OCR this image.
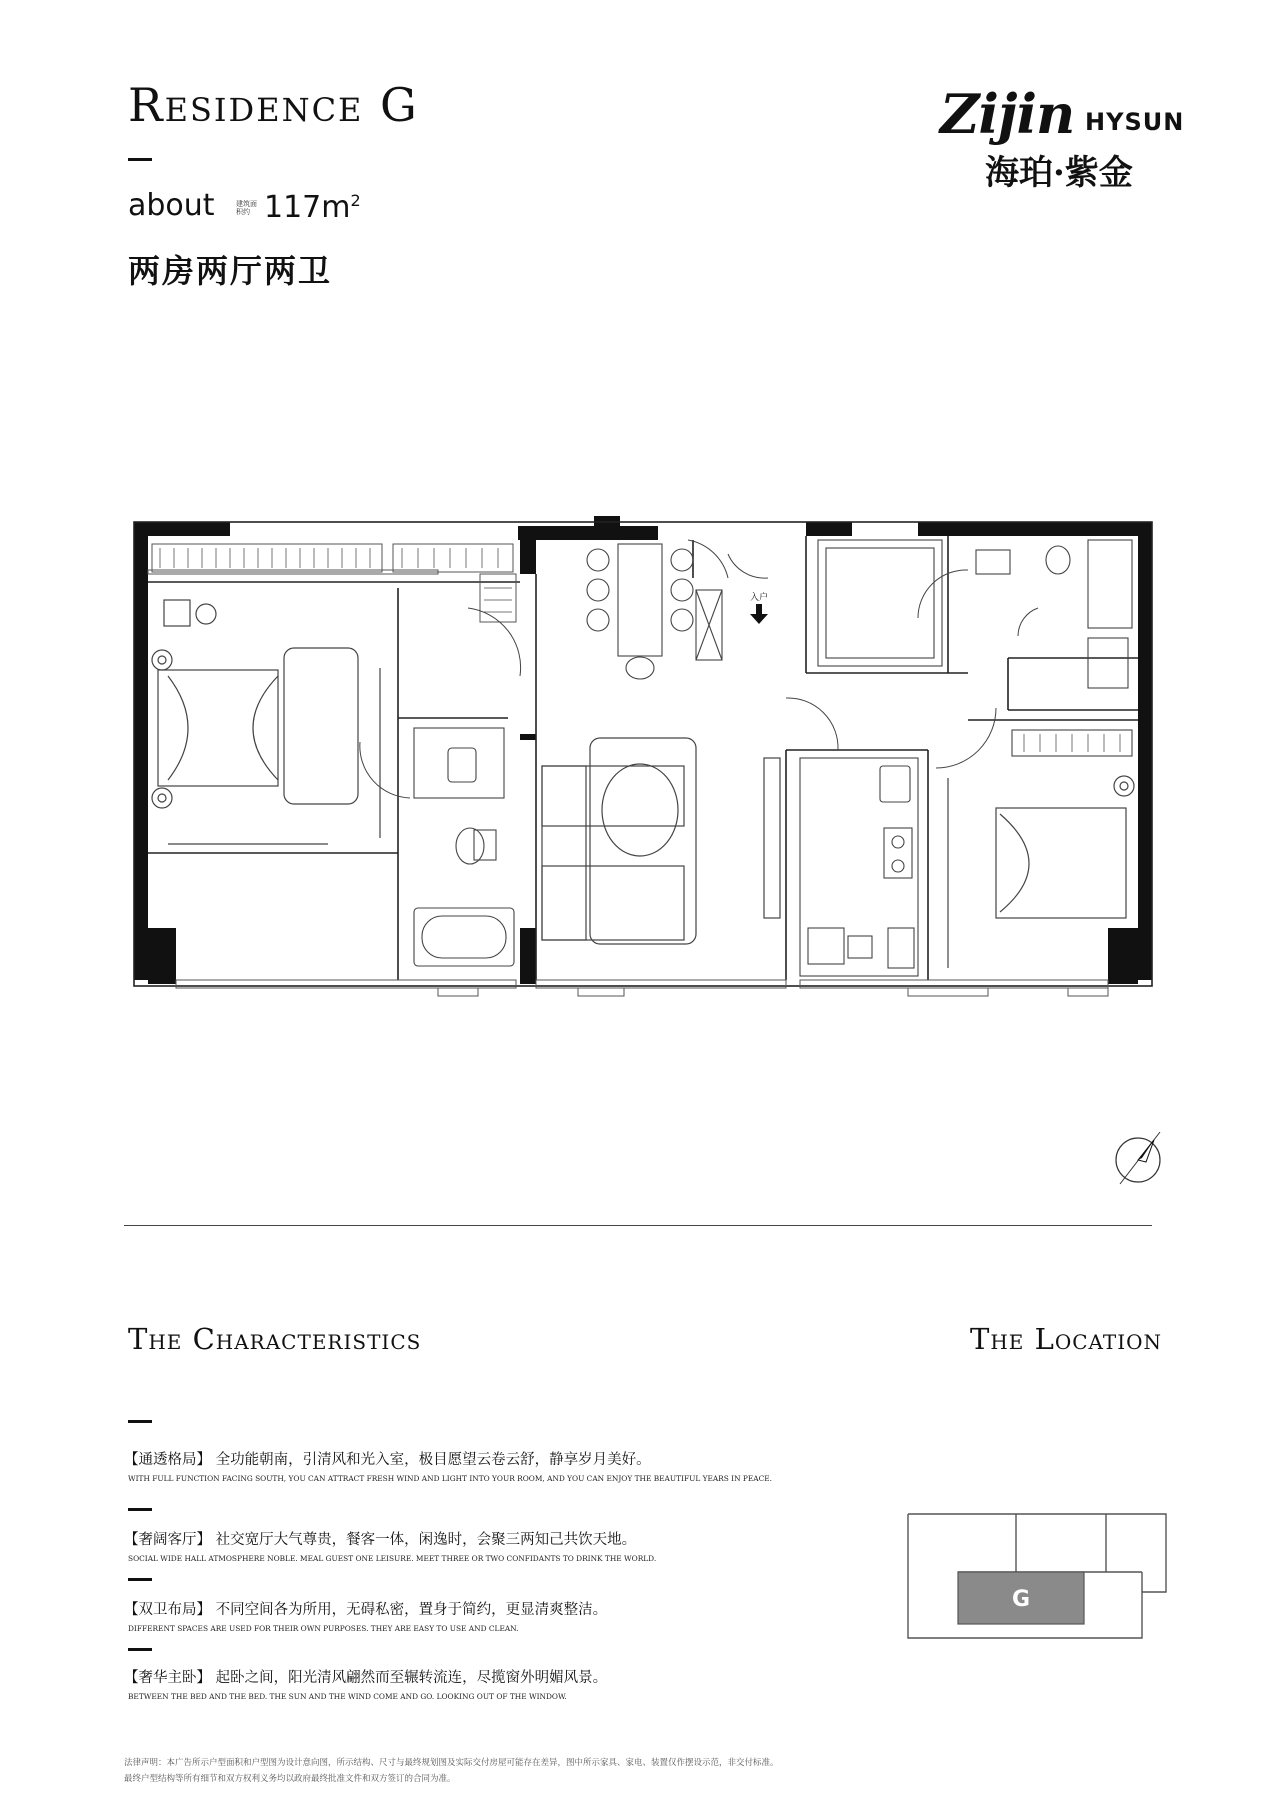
Residence G
about	建筑面积约 $117m^2$
两房两厅两卫
Zijin HYSUN
海珀·紫金
入户
The Characteristics	The Location
【通透格局】 全功能朝南，引清风和光入室，极目愿望云卷云舒，静享岁月美好。
WITH FULL FUNCTION FACING SOUTH, YOU CAN ATTRACT FRESH WIND AND LIGHT INTO YOUR ROOM, AND YOU CAN ENJOY THE BEAUTIFUL YEARS IN PEACE.
【奢阔客厅】 社交宽厅大气尊贵，餐客一体，闲逸时，会聚三两知己共饮天地。
SOCIAL WIDE HALL ATMOSPHERE NOBLE. MEAL GUEST ONE LEISURE. MEET THREE OR TWO CONFIDANTS TO DRINK THE WORLD.
【双卫布局】 不同空间各为所用，无碍私密，置身于简约，更显清爽整洁。
DIFFERENT SPACES ARE USED FOR THEIR OWN PURPOSES. THEY ARE EASY TO USE AND CLEAN.
【奢华主卧】 起卧之间，阳光清风翩然而至辗转流连，尽揽窗外明媚风景。
BETWEEN THE BED AND THE BED. THE SUN AND THE WIND COME AND GO. LOOKING OUT OF THE WINDOW.
G
法律声明：本广告所示户型面积和户型图为设计意向图，所示结构、尺寸与最终规划图及实际交付房屋可能存在差异，图中所示家具、家电、装置仅作摆设示范，非交付标准。
最终户型结构等所有细节和双方权利义务均以政府最终批准文件和双方签订的合同为准。
